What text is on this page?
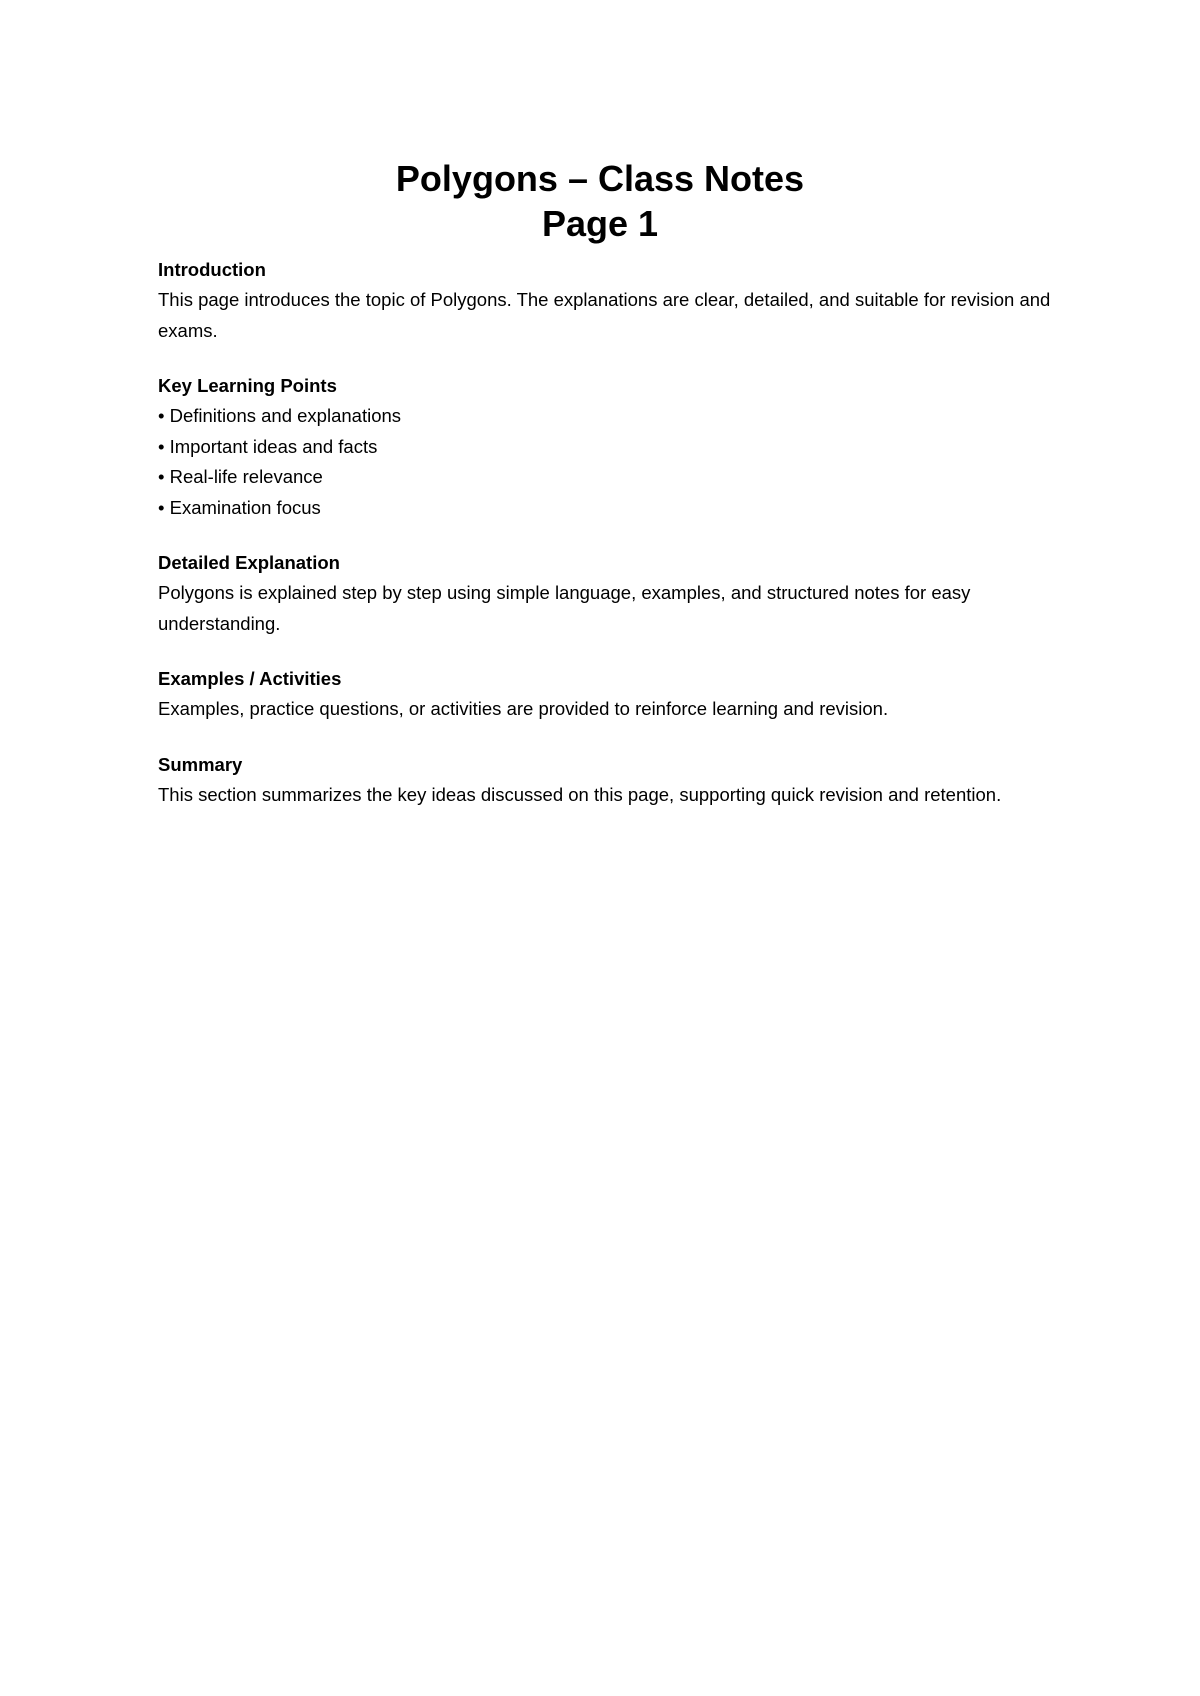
Polygons – Class Notes

Page 1

Introduction

This page introduces the topic of Polygons. The explanations are clear, detailed, and suitable for revision and exams.

Key Learning Points

• Definitions and explanations
• Important ideas and facts
• Real-life relevance
• Examination focus

Detailed Explanation

Polygons is explained step by step using simple language, examples, and structured notes for easy understanding.

Examples / Activities

Examples, practice questions, or activities are provided to reinforce learning and revision.

Summary

This section summarizes the key ideas discussed on this page, supporting quick revision and retention.
